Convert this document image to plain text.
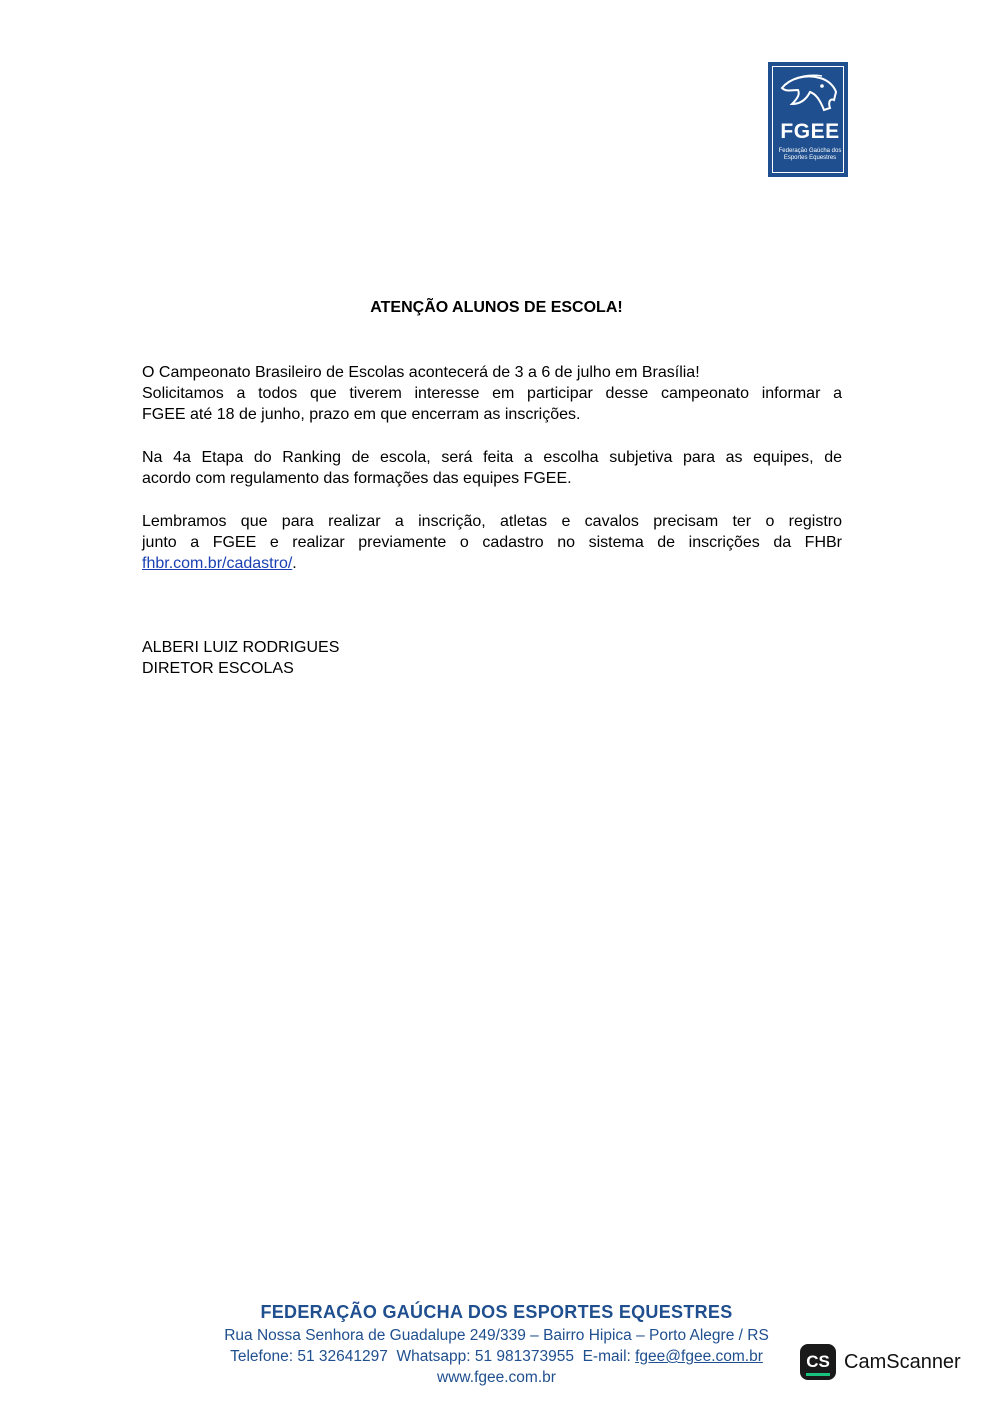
FGEE
Federação Gaúcha dos Esportes Equestres
ATENÇÃO ALUNOS DE ESCOLA!
O Campeonato Brasileiro de Escolas acontecerá de 3 a 6 de julho em Brasília!
Solicitamos a todos que tiverem interesse em participar desse campeonato informar a
FGEE até 18 de junho, prazo em que encerram as inscrições.
Na 4a Etapa do Ranking de escola, será feita a escolha subjetiva para as equipes, de
acordo com regulamento das formações das equipes FGEE.
Lembramos que para realizar a inscrição, atletas e cavalos precisam ter o registro
junto a FGEE e realizar previamente o cadastro no sistema de inscrições da FHBr
fhbr.com.br/cadastro/.
ALBERI LUIZ RODRIGUES
DIRETOR ESCOLAS
FEDERAÇÃO GAÚCHA DOS ESPORTES EQUESTRES
Rua Nossa Senhora de Guadalupe 249/339 – Bairro Hipica – Porto Alegre / RS
Telefone: 51 32641297  Whatsapp: 51 981373955  E-mail: fgee@fgee.com.br
www.fgee.com.br
CS CamScanner
